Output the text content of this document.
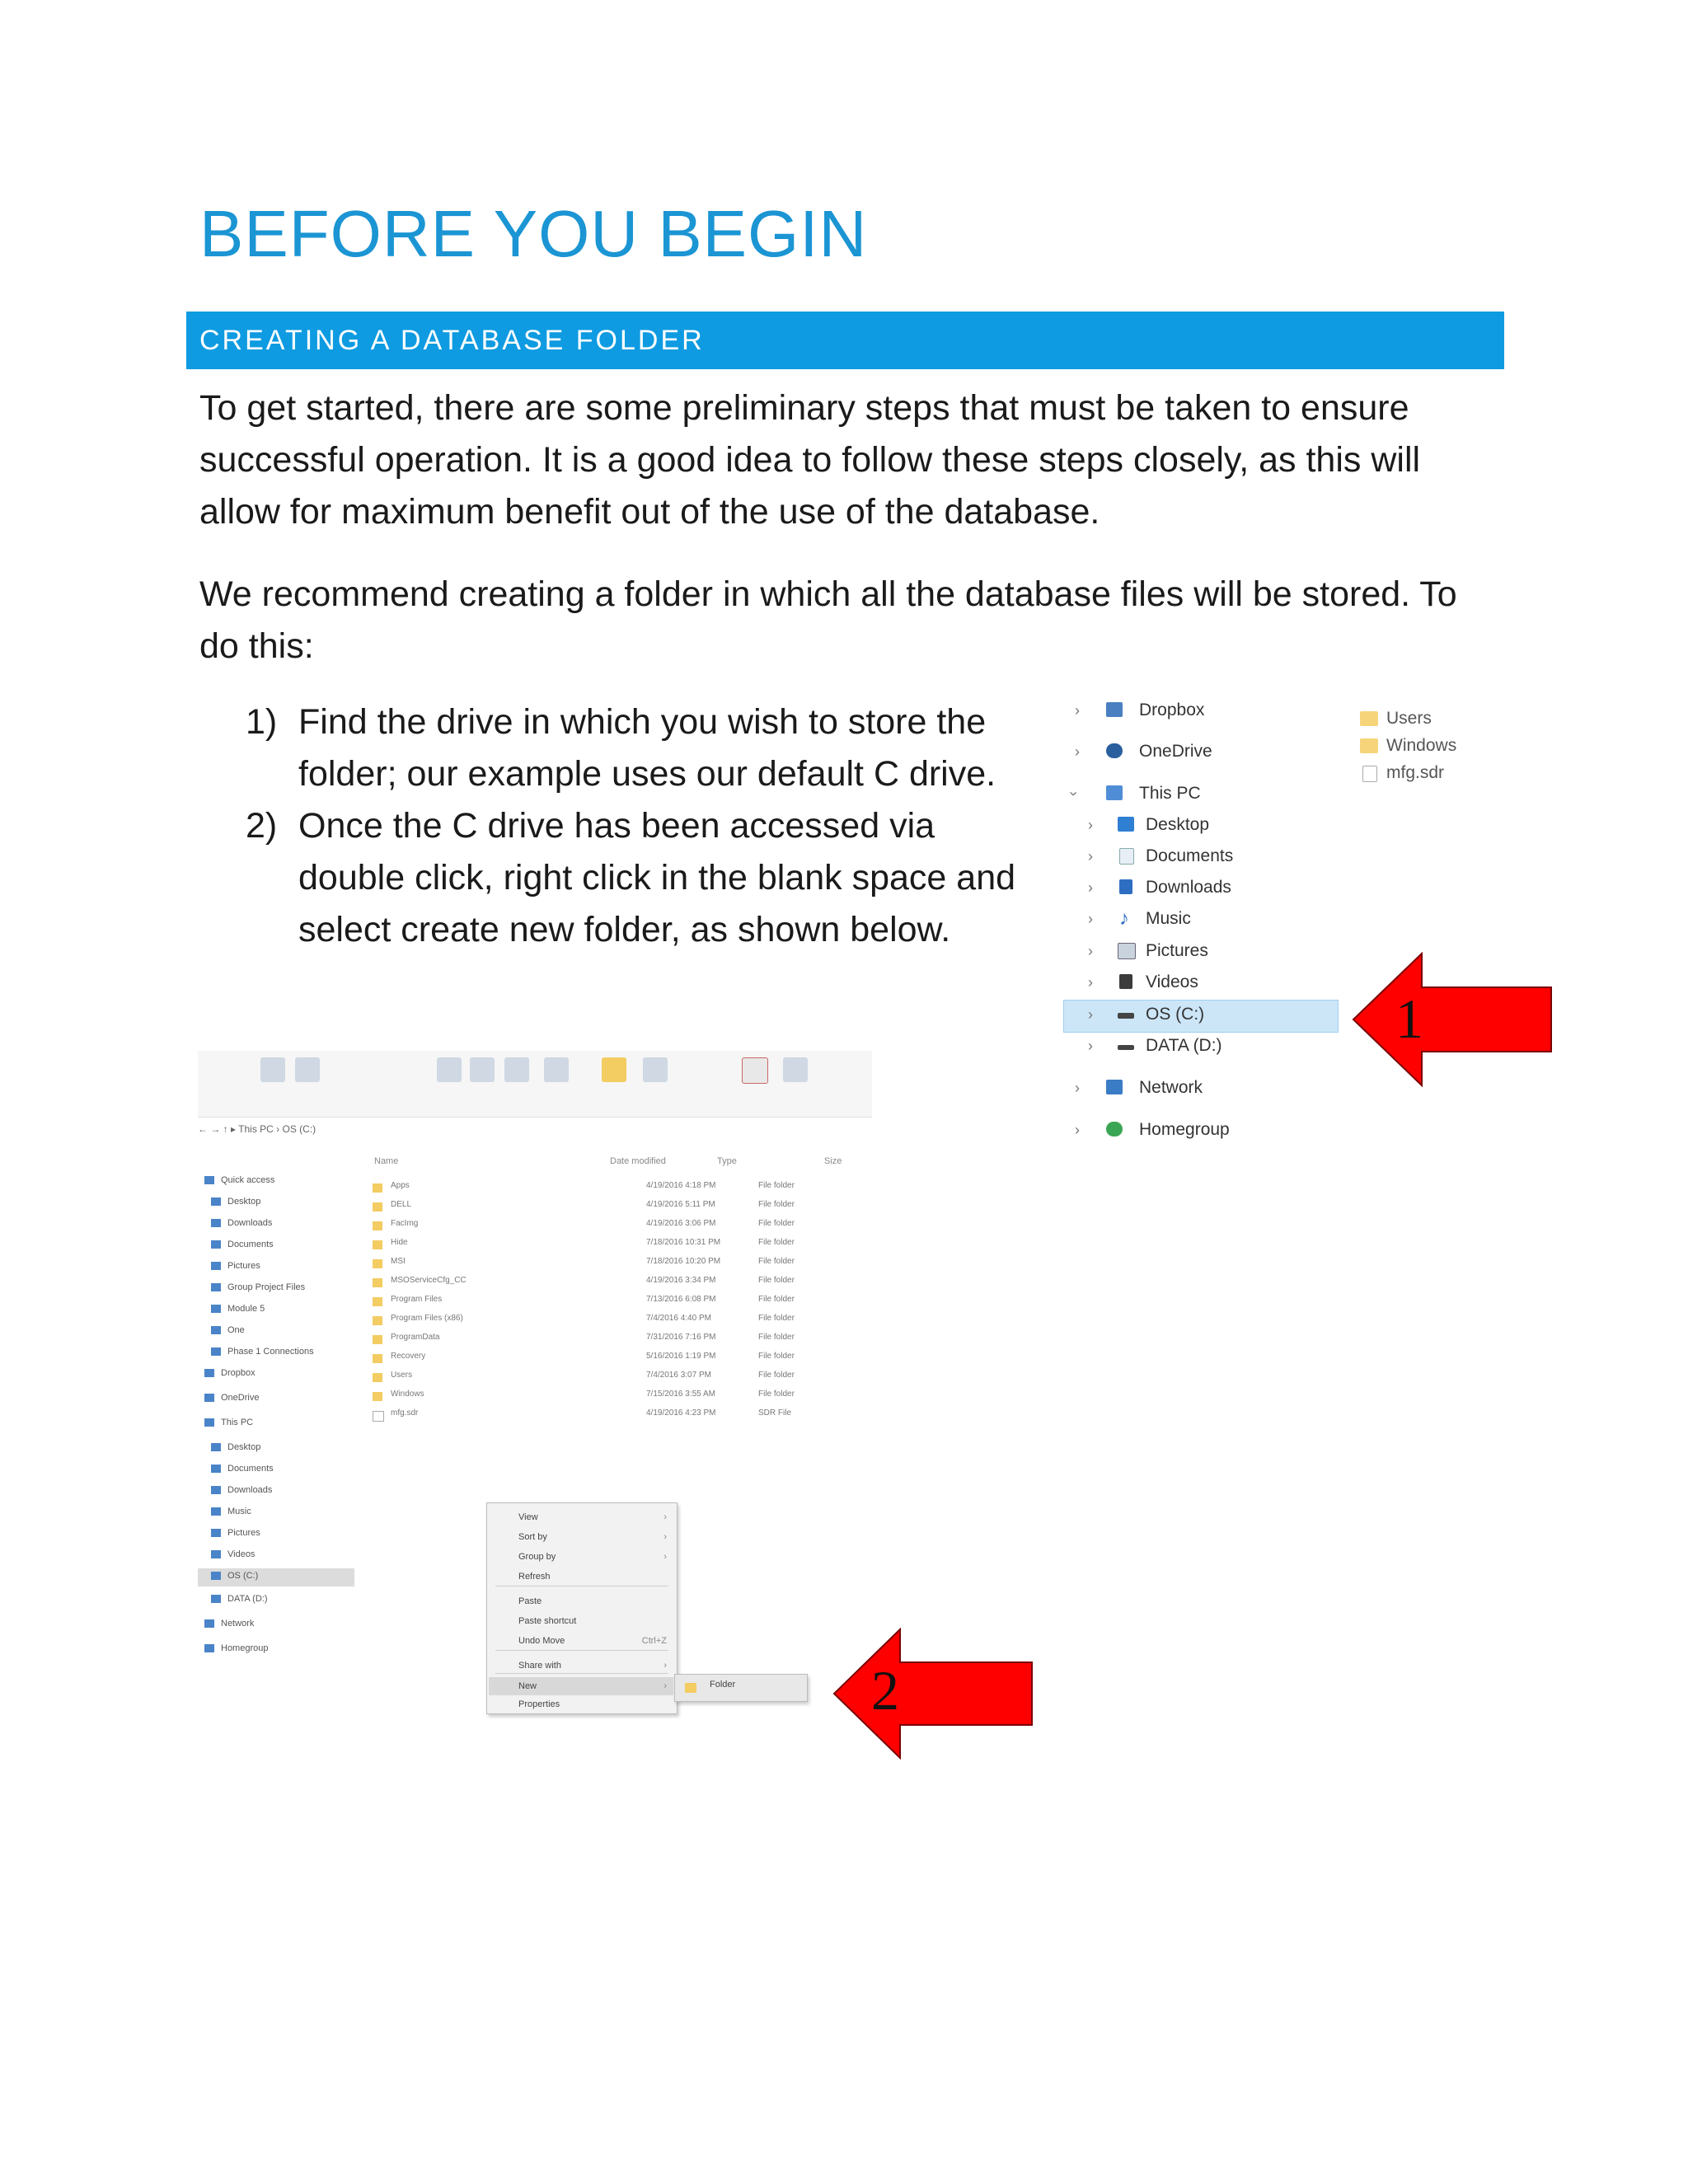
BEFORE YOU BEGIN
CREATING A DATABASE FOLDER

To get started, there are some preliminary steps that must be taken to ensure successful operation. It is a good idea to follow these steps closely, as this will allow for maximum benefit out of the use of the database.

We recommend creating a folder in which all the database files will be stored. To do this:

1) Find the drive in which you wish to store the folder; our example uses our default C drive.
2) Once the C drive has been accessed via double click, right click in the blank space and select create new folder, as shown below.
›	Dropbox
›	OneDrive
›	This PC
›	Desktop
›	Documents
›	Downloads
› ♪ Music
›	Pictures
›	Videos
›	OS (C:)
›	DATA (D:)
›	Network
›	Homegroup
Users
Windows
mfg.sdr
1
← → ↑ ▸ This PC › OS (C:)
Name	Date modified	Type	Size
Quick access
Desktop
Downloads
Documents
Pictures
Group Project Files
Module 5
One
Phase 1 Connections
Dropbox
OneDrive
This PC
Desktop
Documents
Downloads
Music
Pictures
Videos
OS (C:)
DATA (D:)
Network
Homegroup
Apps	4/19/2016 4:18 PM	File folder
DELL	4/19/2016 5:11 PM	File folder
FacImg	4/19/2016 3:06 PM	File folder
Hide	7/18/2016 10:31 PM	File folder
MSI	7/18/2016 10:20 PM	File folder
MSOServiceCfg_CC	4/19/2016 3:34 PM	File folder
Program Files	7/13/2016 6:08 PM	File folder
Program Files (x86)	7/4/2016 4:40 PM	File folder
ProgramData	7/31/2016 7:16 PM	File folder
Recovery	5/16/2016 1:19 PM	File folder
Users	7/4/2016 3:07 PM	File folder
Windows	7/15/2016 3:55 AM	File folder
mfg.sdr	4/19/2016 4:23 PM	SDR File
View	›
Sort by	›
Group by	›
Refresh
Paste
Paste shortcut
Undo Move	Ctrl+Z
Share with	›
New	›
Properties
Folder 2
